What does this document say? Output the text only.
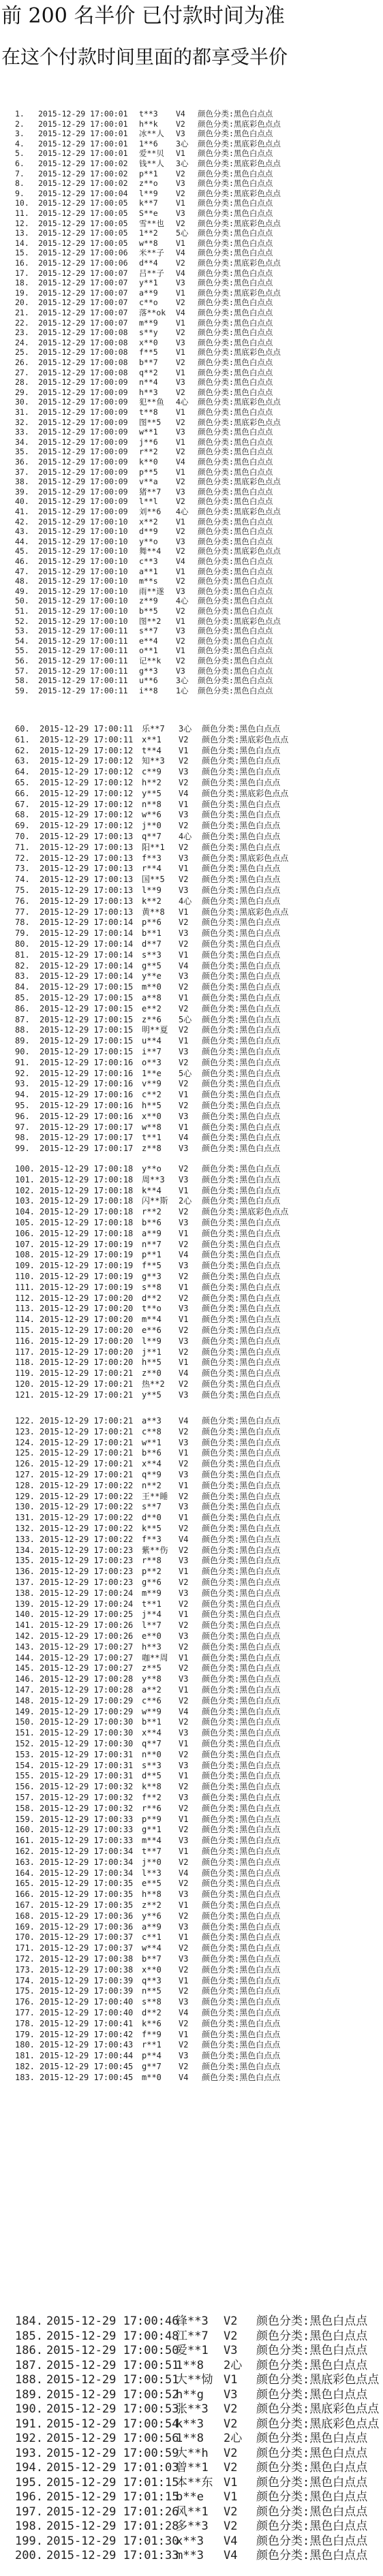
前 200 名半价 已付款时间为准
在这个付款时间里面的都享受半价
1. 2015-12-29 17:00:01 t**3 V4 颜色分类:黑色白点点
2. 2015-12-29 17:00:01 h**k V2 颜色分类:黑底彩色点点
3. 2015-12-29 17:00:01 冰**人 V3 颜色分类:黑色白点点
4. 2015-12-29 17:00:01 1**6 3心 颜色分类:黑底彩色点点
5. 2015-12-29 17:00:01 爱**贝 V1 颜色分类:黑色白点点
6. 2015-12-29 17:00:02 钱**人 3心 颜色分类:黑底彩色点点
7. 2015-12-29 17:00:02 p**1 V2 颜色分类:黑色白点点
8. 2015-12-29 17:00:02 z**o V3 颜色分类:黑色白点点
9. 2015-12-29 17:00:04 l**9 V2 颜色分类:黑底彩色点点
10. 2015-12-29 17:00:05 k**7 V1 颜色分类:黑色白点点
11. 2015-12-29 17:00:05 S**e V3 颜色分类:黑色白点点
12. 2015-12-29 17:00:05 雪**也 V2 颜色分类:黑底彩色点点
13. 2015-12-29 17:00:05 1**2 5心 颜色分类:黑色白点点
14. 2015-12-29 17:00:05 w**8 V1 颜色分类:黑色白点点
15. 2015-12-29 17:00:06 米**子 V4 颜色分类:黑色白点点
16. 2015-12-29 17:00:06 d**4 V2 颜色分类:黑底彩色点点
17. 2015-12-29 17:00:07 吕**子 V4 颜色分类:黑色白点点
18. 2015-12-29 17:00:07 y**1 V3 颜色分类:黑色白点点
19. 2015-12-29 17:00:07 a**9 V1 颜色分类:黑底彩色点点
20. 2015-12-29 17:00:07 c**o V2 颜色分类:黑色白点点
21. 2015-12-29 17:00:07 落**ok V4 颜色分类:黑色白点点
22. 2015-12-29 17:00:07 m**9 V1 颜色分类:黑色白点点
23. 2015-12-29 17:00:08 s**y V2 颜色分类:黑色白点点
24. 2015-12-29 17:00:08 x**0 V3 颜色分类:黑色白点点
25. 2015-12-29 17:00:08 f**5 V1 颜色分类:黑底彩色点点
26. 2015-12-29 17:00:08 b**7 V2 颜色分类:黑色白点点
27. 2015-12-29 17:00:08 q**2 V1 颜色分类:黑色白点点
28. 2015-12-29 17:00:09 n**4 V3 颜色分类:黑色白点点
29. 2015-12-29 17:00:09 h**3 V2 颜色分类:黑色白点点
30. 2015-12-29 17:00:09 犯**鱼 4心 颜色分类:黑底彩色点点
31. 2015-12-29 17:00:09 t**8 V1 颜色分类:黑色白点点
32. 2015-12-29 17:00:09 图**5 V2 颜色分类:黑底彩色点点
33. 2015-12-29 17:00:09 w**1 V3 颜色分类:黑色白点点
34. 2015-12-29 17:00:09 j**6 V1 颜色分类:黑色白点点
35. 2015-12-29 17:00:09 r**2 V2 颜色分类:黑色白点点
36. 2015-12-29 17:00:09 k**0 V4 颜色分类:黑色白点点
37. 2015-12-29 17:00:09 p**5 V1 颜色分类:黑色白点点
38. 2015-12-29 17:00:09 v**a V2 颜色分类:黑底彩色点点
39. 2015-12-29 17:00:09 猪**7 V3 颜色分类:黑色白点点
40. 2015-12-29 17:00:09 l**l V2 颜色分类:黑色白点点
41. 2015-12-29 17:00:09 刘**6 4心 颜色分类:黑底彩色点点
42. 2015-12-29 17:00:10 x**2 V1 颜色分类:黑色白点点
43. 2015-12-29 17:00:10 d**9 V2 颜色分类:黑色白点点
44. 2015-12-29 17:00:10 y**o V3 颜色分类:黑色白点点
45. 2015-12-29 17:00:10 舞**4 V2 颜色分类:黑底彩色点点
46. 2015-12-29 17:00:10 c**3 V4 颜色分类:黑色白点点
47. 2015-12-29 17:00:10 a**1 V1 颜色分类:黑色白点点
48. 2015-12-29 17:00:10 m**s V2 颜色分类:黑色白点点
49. 2015-12-29 17:00:10 雨**遂 V3 颜色分类:黑色白点点
50. 2015-12-29 17:00:10 z**9 4心 颜色分类:黑色白点点
51. 2015-12-29 17:00:10 b**5 V2 颜色分类:黑色白点点
52. 2015-12-29 17:00:10 图**2 V1 颜色分类:黑底彩色点点
53. 2015-12-29 17:00:11 s**7 V3 颜色分类:黑色白点点
54. 2015-12-29 17:00:11 e**4 V2 颜色分类:黑色白点点
55. 2015-12-29 17:00:11 o**1 V1 颜色分类:黑色白点点
56. 2015-12-29 17:00:11 记**k V2 颜色分类:黑色白点点
57. 2015-12-29 17:00:11 g**3 V3 颜色分类:黑色白点点
58. 2015-12-29 17:00:11 u**6 3心 颜色分类:黑色白点点
59. 2015-12-29 17:00:11 i**8 1心 颜色分类:黑色白点点
60. 2015-12-29 17:00:11 乐**7 3心 颜色分类:黑色白点点
61. 2015-12-29 17:00:11 x**1 V2 颜色分类:黑底彩色点点
62. 2015-12-29 17:00:12 t**4 V1 颜色分类:黑色白点点
63. 2015-12-29 17:00:12 知**3 V2 颜色分类:黑色白点点
64. 2015-12-29 17:00:12 c**9 V3 颜色分类:黑色白点点
65. 2015-12-29 17:00:12 h**2 V2 颜色分类:黑色白点点
66. 2015-12-29 17:00:12 y**5 V4 颜色分类:黑底彩色点点
67. 2015-12-29 17:00:12 n**8 V1 颜色分类:黑色白点点
68. 2015-12-29 17:00:12 w**6 V3 颜色分类:黑色白点点
69. 2015-12-29 17:00:12 j**0 V2 颜色分类:黑色白点点
70. 2015-12-29 17:00:13 q**7 4心 颜色分类:黑色白点点
71. 2015-12-29 17:00:13 阳**1 V2 颜色分类:黑色白点点
72. 2015-12-29 17:00:13 f**3 V3 颜色分类:黑底彩色点点
73. 2015-12-29 17:00:13 r**4 V1 颜色分类:黑色白点点
74. 2015-12-29 17:00:13 国**5 V2 颜色分类:黑色白点点
75. 2015-12-29 17:00:13 l**9 V3 颜色分类:黑色白点点
76. 2015-12-29 17:00:13 k**2 4心 颜色分类:黑色白点点
77. 2015-12-29 17:00:13 黄**8 V1 颜色分类:黑底彩色点点
78. 2015-12-29 17:00:14 p**6 V2 颜色分类:黑色白点点
79. 2015-12-29 17:00:14 b**1 V3 颜色分类:黑色白点点
80. 2015-12-29 17:00:14 d**7 V2 颜色分类:黑色白点点
81. 2015-12-29 17:00:14 s**3 V1 颜色分类:黑色白点点
82. 2015-12-29 17:00:14 g**5 V4 颜色分类:黑色白点点
83. 2015-12-29 17:00:14 y**e V3 颜色分类:黑色白点点
84. 2015-12-29 17:00:15 m**0 V2 颜色分类:黑色白点点
85. 2015-12-29 17:00:15 a**8 V1 颜色分类:黑色白点点
86. 2015-12-29 17:00:15 e**2 V2 颜色分类:黑色白点点
87. 2015-12-29 17:00:15 z**6 5心 颜色分类:黑色白点点
88. 2015-12-29 17:00:15 明**夏 V2 颜色分类:黑色白点点
89. 2015-12-29 17:00:15 u**4 V1 颜色分类:黑色白点点
90. 2015-12-29 17:00:15 i**7 V3 颜色分类:黑色白点点
91. 2015-12-29 17:00:16 o**3 V2 颜色分类:黑色白点点
92. 2015-12-29 17:00:16 1**e 5心 颜色分类:黑色白点点
93. 2015-12-29 17:00:16 v**9 V2 颜色分类:黑色白点点
94. 2015-12-29 17:00:16 c**2 V1 颜色分类:黑色白点点
95. 2015-12-29 17:00:16 h**5 V2 颜色分类:黑色白点点
96. 2015-12-29 17:00:16 x**0 V3 颜色分类:黑色白点点
97. 2015-12-29 17:00:17 w**8 V1 颜色分类:黑色白点点
98. 2015-12-29 17:00:17 t**1 V4 颜色分类:黑色白点点
99. 2015-12-29 17:00:17 z**8 V3 颜色分类:黑色白点点
100. 2015-12-29 17:00:18 y**o V2 颜色分类:黑色白点点
101. 2015-12-29 17:00:18 周**3 V3 颜色分类:黑色白点点
102. 2015-12-29 17:00:18 k**4 V1 颜色分类:黑色白点点
103. 2015-12-29 17:00:18 闪**斯 2心 颜色分类:黑色白点点
104. 2015-12-29 17:00:18 r**2 V2 颜色分类:黑底彩色点点
105. 2015-12-29 17:00:18 b**6 V3 颜色分类:黑色白点点
106. 2015-12-29 17:00:18 a**9 V1 颜色分类:黑色白点点
107. 2015-12-29 17:00:19 n**7 V2 颜色分类:黑色白点点
108. 2015-12-29 17:00:19 p**1 V4 颜色分类:黑色白点点
109. 2015-12-29 17:00:19 f**5 V3 颜色分类:黑色白点点
110. 2015-12-29 17:00:19 g**3 V2 颜色分类:黑色白点点
111. 2015-12-29 17:00:19 s**8 V1 颜色分类:黑色白点点
112. 2015-12-29 17:00:20 d**2 V2 颜色分类:黑色白点点
113. 2015-12-29 17:00:20 t**o V3 颜色分类:黑色白点点
114. 2015-12-29 17:00:20 m**4 V1 颜色分类:黑色白点点
115. 2015-12-29 17:00:20 e**6 V2 颜色分类:黑色白点点
116. 2015-12-29 17:00:20 l**9 V3 颜色分类:黑色白点点
117. 2015-12-29 17:00:20 j**1 V2 颜色分类:黑色白点点
118. 2015-12-29 17:00:20 h**5 V1 颜色分类:黑色白点点
119. 2015-12-29 17:00:21 z**0 V4 颜色分类:黑色白点点
120. 2015-12-29 17:00:21 热**2 V2 颜色分类:黑色白点点
121. 2015-12-29 17:00:21 y**5 V3 颜色分类:黑色白点点
122. 2015-12-29 17:00:21 a**3 V4 颜色分类:黑色白点点
123. 2015-12-29 17:00:21 c**8 V2 颜色分类:黑色白点点
124. 2015-12-29 17:00:21 w**1 V3 颜色分类:黑色白点点
125. 2015-12-29 17:00:21 b**6 V1 颜色分类:黑色白点点
126. 2015-12-29 17:00:21 x**4 V2 颜色分类:黑色白点点
127. 2015-12-29 17:00:21 q**9 V3 颜色分类:黑色白点点
128. 2015-12-29 17:00:22 n**2 V1 颜色分类:黑色白点点
129. 2015-12-29 17:00:22 王**睡 V2 颜色分类:黑色白点点
130. 2015-12-29 17:00:22 s**7 V3 颜色分类:黑色白点点
131. 2015-12-29 17:00:22 d**0 V1 颜色分类:黑色白点点
132. 2015-12-29 17:00:22 k**5 V2 颜色分类:黑色白点点
133. 2015-12-29 17:00:22 f**3 V4 颜色分类:黑色白点点
134. 2015-12-29 17:00:23 紫**伤 V2 颜色分类:黑色白点点
135. 2015-12-29 17:00:23 r**8 V3 颜色分类:黑色白点点
136. 2015-12-29 17:00:23 p**2 V1 颜色分类:黑色白点点
137. 2015-12-29 17:00:23 g**6 V2 颜色分类:黑色白点点
138. 2015-12-29 17:00:24 m**9 V3 颜色分类:黑色白点点
139. 2015-12-29 17:00:24 t**1 V2 颜色分类:黑色白点点
140. 2015-12-29 17:00:25 j**4 V1 颜色分类:黑色白点点
141. 2015-12-29 17:00:26 l**7 V2 颜色分类:黑色白点点
142. 2015-12-29 17:00:26 e**0 V3 颜色分类:黑色白点点
143. 2015-12-29 17:00:27 h**3 V2 颜色分类:黑色白点点
144. 2015-12-29 17:00:27 咖**周 V1 颜色分类:黑色白点点
145. 2015-12-29 17:00:27 z**5 V2 颜色分类:黑色白点点
146. 2015-12-29 17:00:28 y**8 V3 颜色分类:黑色白点点
147. 2015-12-29 17:00:28 a**2 V1 颜色分类:黑色白点点
148. 2015-12-29 17:00:29 c**6 V2 颜色分类:黑色白点点
149. 2015-12-29 17:00:29 w**9 V4 颜色分类:黑色白点点
150. 2015-12-29 17:00:30 b**1 V2 颜色分类:黑色白点点
151. 2015-12-29 17:00:30 x**4 V3 颜色分类:黑色白点点
152. 2015-12-29 17:00:30 q**7 V1 颜色分类:黑色白点点
153. 2015-12-29 17:00:31 n**0 V2 颜色分类:黑色白点点
154. 2015-12-29 17:00:31 s**3 V3 颜色分类:黑色白点点
155. 2015-12-29 17:00:31 d**5 V1 颜色分类:黑色白点点
156. 2015-12-29 17:00:32 k**8 V2 颜色分类:黑色白点点
157. 2015-12-29 17:00:32 f**2 V3 颜色分类:黑色白点点
158. 2015-12-29 17:00:32 r**6 V2 颜色分类:黑色白点点
159. 2015-12-29 17:00:33 p**9 V1 颜色分类:黑色白点点
160. 2015-12-29 17:00:33 g**1 V2 颜色分类:黑色白点点
161. 2015-12-29 17:00:33 m**4 V3 颜色分类:黑色白点点
162. 2015-12-29 17:00:34 t**7 V1 颜色分类:黑色白点点
163. 2015-12-29 17:00:34 j**0 V2 颜色分类:黑色白点点
164. 2015-12-29 17:00:34 l**3 V4 颜色分类:黑色白点点
165. 2015-12-29 17:00:35 e**5 V2 颜色分类:黑色白点点
166. 2015-12-29 17:00:35 h**8 V3 颜色分类:黑色白点点
167. 2015-12-29 17:00:35 z**2 V1 颜色分类:黑色白点点
168. 2015-12-29 17:00:36 y**6 V2 颜色分类:黑色白点点
169. 2015-12-29 17:00:36 a**9 V3 颜色分类:黑色白点点
170. 2015-12-29 17:00:37 c**1 V1 颜色分类:黑色白点点
171. 2015-12-29 17:00:37 w**4 V2 颜色分类:黑色白点点
172. 2015-12-29 17:00:38 b**7 V3 颜色分类:黑色白点点
173. 2015-12-29 17:00:38 x**0 V2 颜色分类:黑色白点点
174. 2015-12-29 17:00:39 q**3 V1 颜色分类:黑色白点点
175. 2015-12-29 17:00:39 n**5 V2 颜色分类:黑色白点点
176. 2015-12-29 17:00:40 s**8 V3 颜色分类:黑色白点点
177. 2015-12-29 17:00:40 d**2 V4 颜色分类:黑色白点点
178. 2015-12-29 17:00:41 k**6 V2 颜色分类:黑色白点点
179. 2015-12-29 17:00:42 f**9 V1 颜色分类:黑色白点点
180. 2015-12-29 17:00:43 r**1 V2 颜色分类:黑色白点点
181. 2015-12-29 17:00:44 p**4 V3 颜色分类:黑色白点点
182. 2015-12-29 17:00:45 g**7 V2 颜色分类:黑色白点点
183. 2015-12-29 17:00:45 m**0 V4 颜色分类:黑色白点点
184. 2015-12-29 17:00:46锋**3 V2 颜色分类:黑色白点点
185. 2015-12-29 17:00:48江**7 V2 颜色分类:黑色白点点
186. 2015-12-29 17:00:50爱**1 V3 颜色分类:黑色白点点
187. 2015-12-29 17:00:511**8 2心 颜色分类:黑色白点点
188. 2015-12-29 17:00:51大**恸 V1 颜色分类:黑底彩色点点
189. 2015-12-29 17:00:52h**g V3 颜色分类:黑色白点点
190. 2015-12-29 17:00:53张**3 V2 颜色分类:黑底彩色点点
191. 2015-12-29 17:00:54k**3 V2 颜色分类:黑底彩色点点
192. 2015-12-29 17:00:561**8 2心 颜色分类:黑色白点点
193. 2015-12-29 17:00:59大**h V2 颜色分类:黑色白点点
194. 2015-12-29 17:01:03曾**1 V2 颜色分类:黑色白点点
195. 2015-12-29 17:01:15本**东 V1 颜色分类:黑色白点点
196. 2015-12-29 17:01:15b**e V1 颜色分类:黑色白点点
197. 2015-12-29 17:01:26风**1 V2 颜色分类:黑色白点点
198. 2015-12-29 17:01:28多**3 V2 颜色分类:黑色白点点
199. 2015-12-29 17:01:30x**3 V4 颜色分类:黑色白点点
200. 2015-12-29 17:01:33m**3 V4 颜色分类:黑色白点点
